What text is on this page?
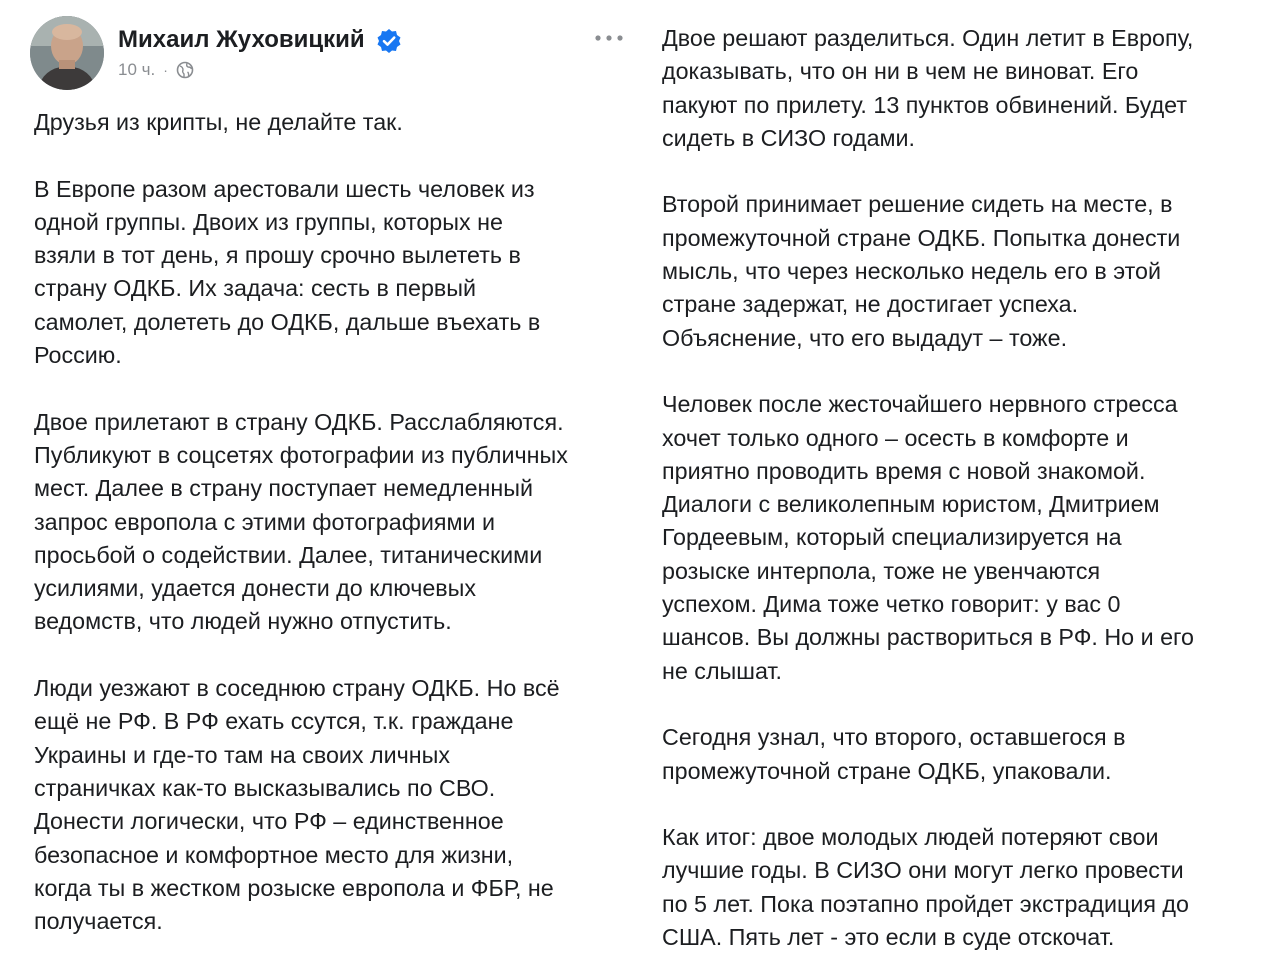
Михаил Жуховицкий
10 ч. ·

Друзья из крипты, не делайте так.

В Европе разом арестовали шесть человек из
одной группы. Двоих из группы, которых не
взяли в тот день, я прошу срочно вылететь в
страну ОДКБ. Их задача: сесть в первый
самолет, долететь до ОДКБ, дальше въехать в
Россию.

Двое прилетают в страну ОДКБ. Расслабляются.
Публикуют в соцсетях фотографии из публичных
мест. Далее в страну поступает немедленный
запрос европола с этими фотографиями и
просьбой о содействии. Далее, титаническими
усилиями, удается донести до ключевых
ведомств, что людей нужно отпустить.

Люди уезжают в соседнюю страну ОДКБ. Но всё
ещё не РФ. В РФ ехать ссутся, т.к. граждане
Украины и где-то там на своих личных
страничках как-то высказывались по СВО.
Донести логически, что РФ – единственное
безопасное и комфортное место для жизни,
когда ты в жестком розыске европола и ФБР, не
получается.

Двое решают разделиться. Один летит в Европу,
доказывать, что он ни в чем не виноват. Его
пакуют по прилету. 13 пунктов обвинений. Будет
сидеть в СИЗО годами.

Второй принимает решение сидеть на месте, в
промежуточной стране ОДКБ. Попытка донести
мысль, что через несколько недель его в этой
стране задержат, не достигает успеха.
Объяснение, что его выдадут – тоже.

Человек после жесточайшего нервного стресса
хочет только одного – осесть в комфорте и
приятно проводить время с новой знакомой.
Диалоги с великолепным юристом, Дмитрием
Гордеевым, который специализируется на
розыске интерпола, тоже не увенчаются
успехом. Дима тоже четко говорит: у вас 0
шансов. Вы должны раствориться в РФ. Но и его
не слышат.

Сегодня узнал, что второго, оставшегося в
промежуточной стране ОДКБ, упаковали.

Как итог: двое молодых людей потеряют свои
лучшие годы. В СИЗО они могут легко провести
по 5 лет. Пока поэтапно пройдет экстрадиция до
США. Пять лет - это если в суде отскочат.
